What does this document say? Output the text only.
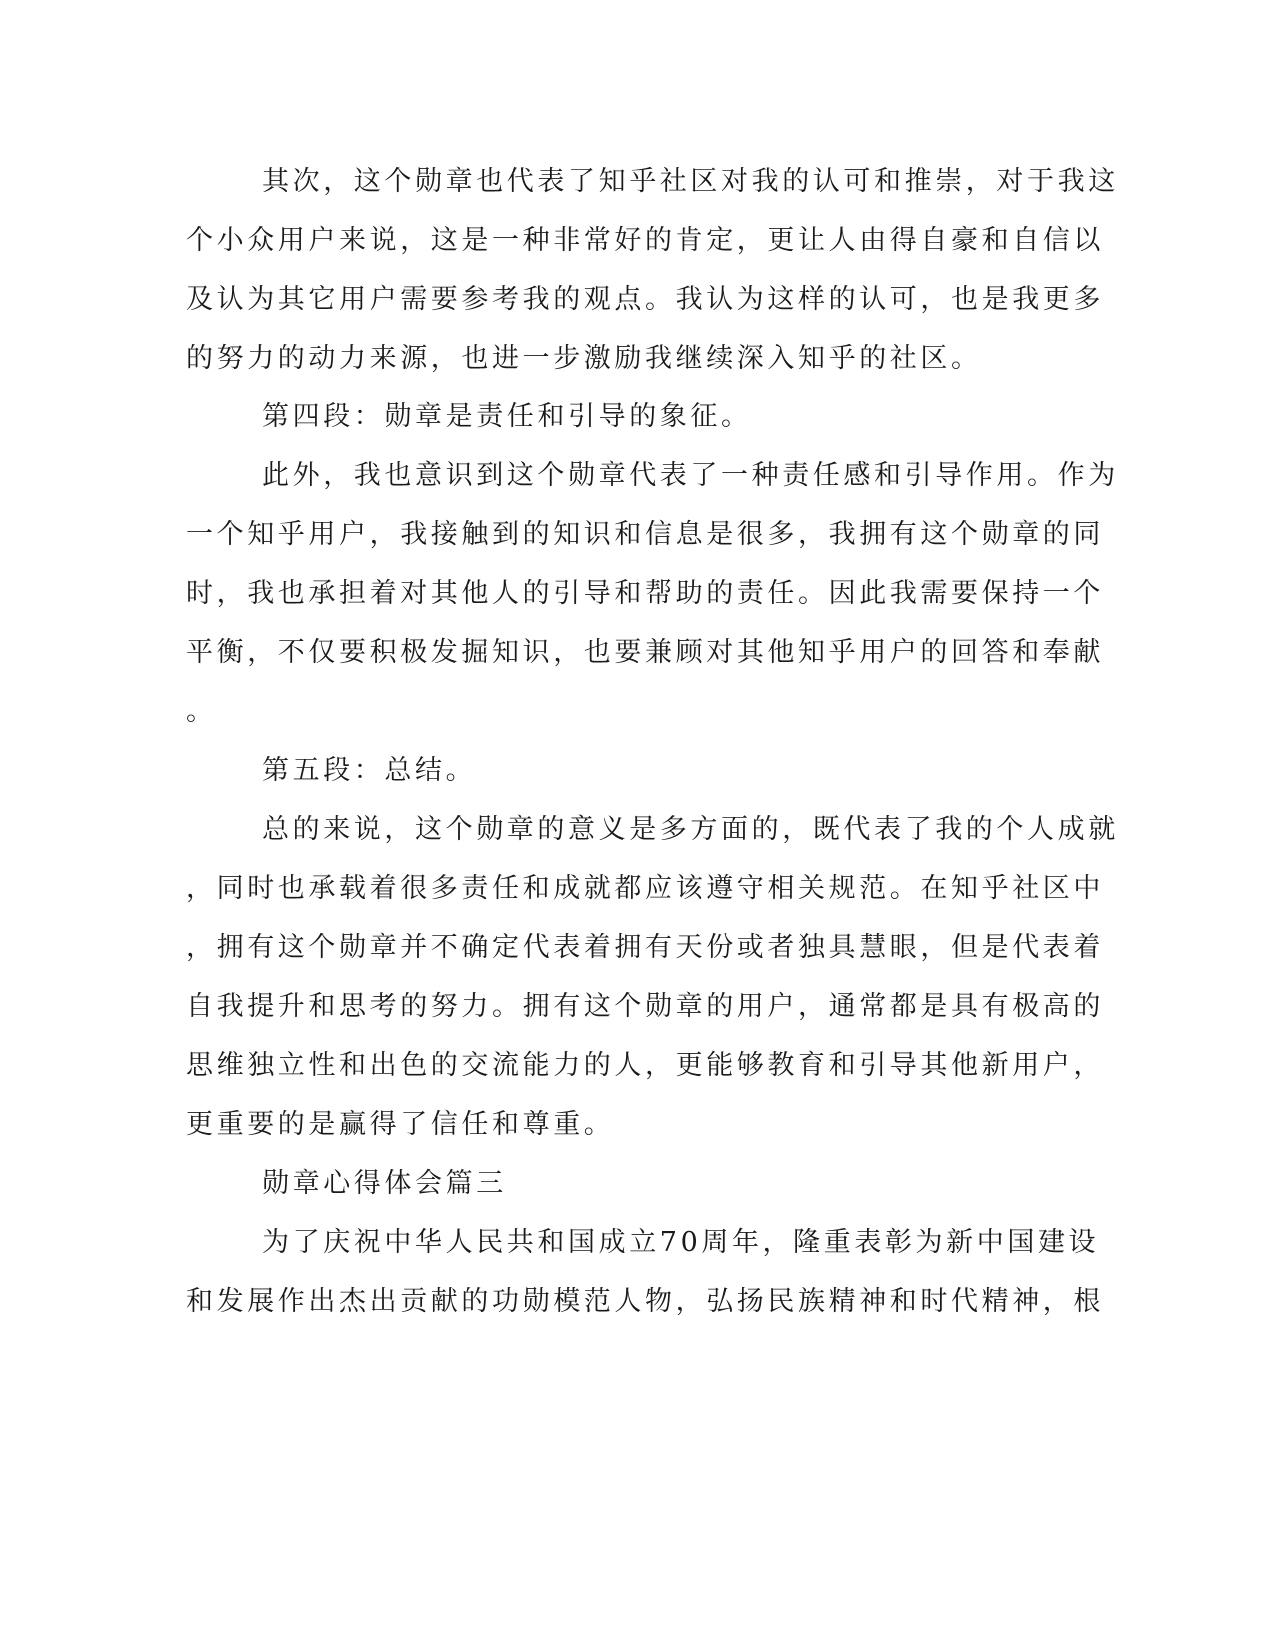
其次，这个勋章也代表了知乎社区对我的认可和推崇，对于我这
个小众用户来说，这是一种非常好的肯定，更让人由得自豪和自信以
及认为其它用户需要参考我的观点。我认为这样的认可，也是我更多
的努力的动力来源，也进一步激励我继续深入知乎的社区。
第四段：勋章是责任和引导的象征。
此外，我也意识到这个勋章代表了一种责任感和引导作用。作为
一个知乎用户，我接触到的知识和信息是很多，我拥有这个勋章的同
时，我也承担着对其他人的引导和帮助的责任。因此我需要保持一个
平衡，不仅要积极发掘知识，也要兼顾对其他知乎用户的回答和奉献
。
第五段：总结。
总的来说，这个勋章的意义是多方面的，既代表了我的个人成就
，同时也承载着很多责任和成就都应该遵守相关规范。在知乎社区中
，拥有这个勋章并不确定代表着拥有天份或者独具慧眼，但是代表着
自我提升和思考的努力。拥有这个勋章的用户，通常都是具有极高的
思维独立性和出色的交流能力的人，更能够教育和引导其他新用户，
更重要的是赢得了信任和尊重。
勋章心得体会篇三
为了庆祝中华人民共和国成立70周年，隆重表彰为新中国建设
和发展作出杰出贡献的功勋模范人物，弘扬民族精神和时代精神，根
